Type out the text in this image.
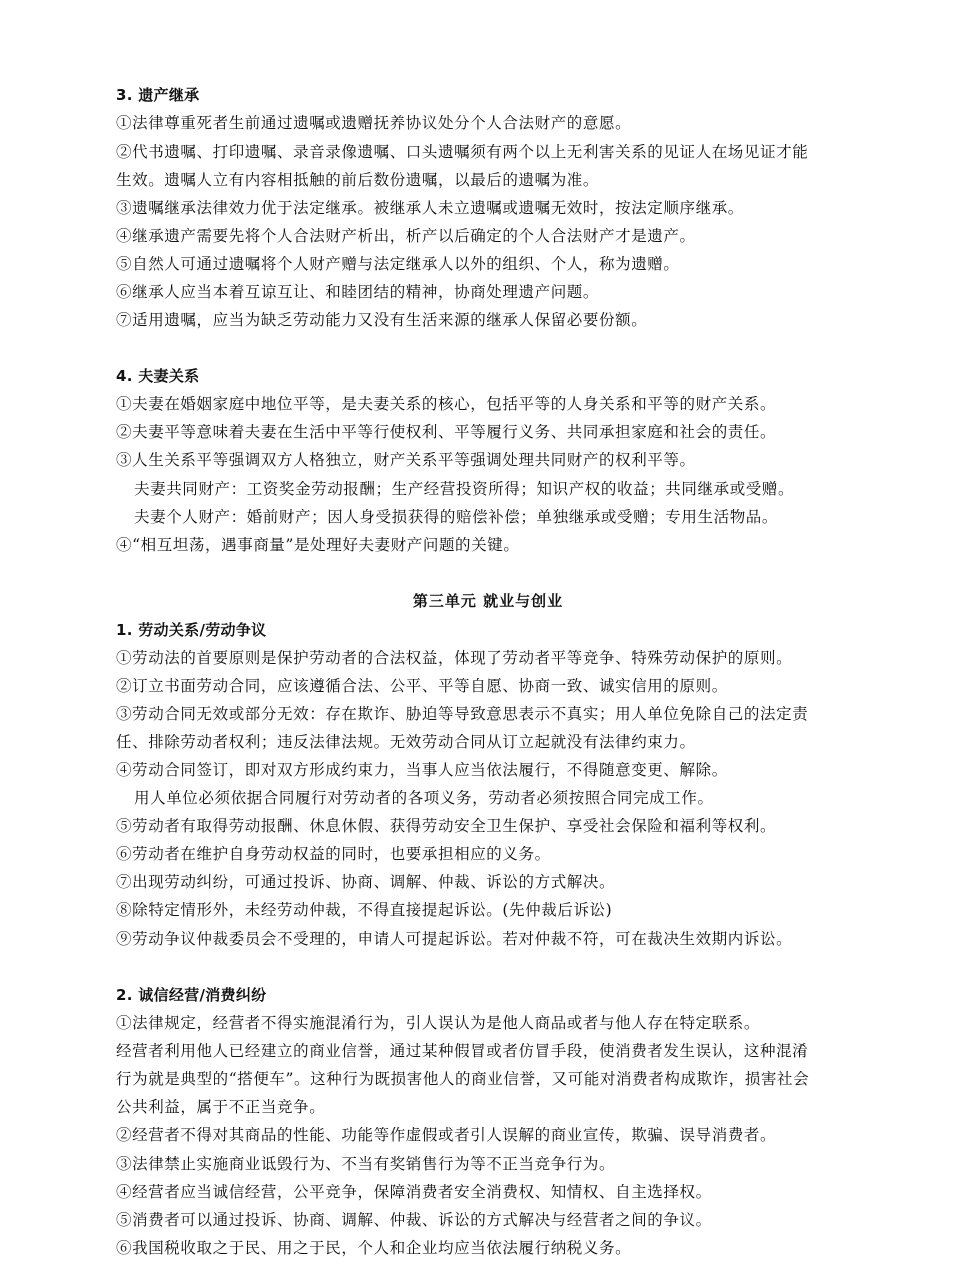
3. 遗产继承
①法律尊重死者生前通过遗嘱或遗赠抚养协议处分个人合法财产的意愿。
②代书遗嘱、打印遗嘱、录音录像遗嘱、口头遗嘱须有两个以上无利害关系的见证人在场见证才能
生效。遗嘱人立有内容相抵触的前后数份遗嘱，以最后的遗嘱为准。
③遗嘱继承法律效力优于法定继承。被继承人未立遗嘱或遗嘱无效时，按法定顺序继承。
④继承遗产需要先将个人合法财产析出，析产以后确定的个人合法财产才是遗产。
⑤自然人可通过遗嘱将个人财产赠与法定继承人以外的组织、个人，称为遗赠。
⑥继承人应当本着互谅互让、和睦团结的精神，协商处理遗产问题。
⑦适用遗嘱，应当为缺乏劳动能力又没有生活来源的继承人保留必要份额。
4. 夫妻关系
①夫妻在婚姻家庭中地位平等，是夫妻关系的核心，包括平等的人身关系和平等的财产关系。
②夫妻平等意味着夫妻在生活中平等行使权利、平等履行义务、共同承担家庭和社会的责任。
③人生关系平等强调双方人格独立，财产关系平等强调处理共同财产的权利平等。
夫妻共同财产：工资奖金劳动报酬；生产经营投资所得；知识产权的收益；共同继承或受赠。
夫妻个人财产：婚前财产；因人身受损获得的赔偿补偿；单独继承或受赠；专用生活物品。
④“相互坦荡，遇事商量”是处理好夫妻财产问题的关键。
第三单元 就业与创业
1. 劳动关系/劳动争议
①劳动法的首要原则是保护劳动者的合法权益，体现了劳动者平等竞争、特殊劳动保护的原则。
②订立书面劳动合同，应该遵循合法、公平、平等自愿、协商一致、诚实信用的原则。
③劳动合同无效或部分无效：存在欺诈、胁迫等导致意思表示不真实；用人单位免除自己的法定责
任、排除劳动者权利；违反法律法规。无效劳动合同从订立起就没有法律约束力。
④劳动合同签订，即对双方形成约束力，当事人应当依法履行，不得随意变更、解除。
用人单位必须依据合同履行对劳动者的各项义务，劳动者必须按照合同完成工作。
⑤劳动者有取得劳动报酬、休息休假、获得劳动安全卫生保护、享受社会保险和福利等权利。
⑥劳动者在维护自身劳动权益的同时，也要承担相应的义务。
⑦出现劳动纠纷，可通过投诉、协商、调解、仲裁、诉讼的方式解决。
⑧除特定情形外，未经劳动仲裁，不得直接提起诉讼。(先仲裁后诉讼)
⑨劳动争议仲裁委员会不受理的，申请人可提起诉讼。若对仲裁不符，可在裁决生效期内诉讼。
2. 诚信经营/消费纠纷
①法律规定，经营者不得实施混淆行为，引人误认为是他人商品或者与他人存在特定联系。
经营者利用他人已经建立的商业信誉，通过某种假冒或者仿冒手段，使消费者发生误认，这种混淆
行为就是典型的“搭便车”。这种行为既损害他人的商业信誉，又可能对消费者构成欺诈，损害社会
公共利益，属于不正当竞争。
②经营者不得对其商品的性能、功能等作虚假或者引人误解的商业宣传，欺骗、误导消费者。
③法律禁止实施商业诋毁行为、不当有奖销售行为等不正当竞争行为。
④经营者应当诚信经营，公平竞争，保障消费者安全消费权、知情权、自主选择权。
⑤消费者可以通过投诉、协商、调解、仲裁、诉讼的方式解决与经营者之间的争议。
⑥我国税收取之于民、用之于民，个人和企业均应当依法履行纳税义务。
